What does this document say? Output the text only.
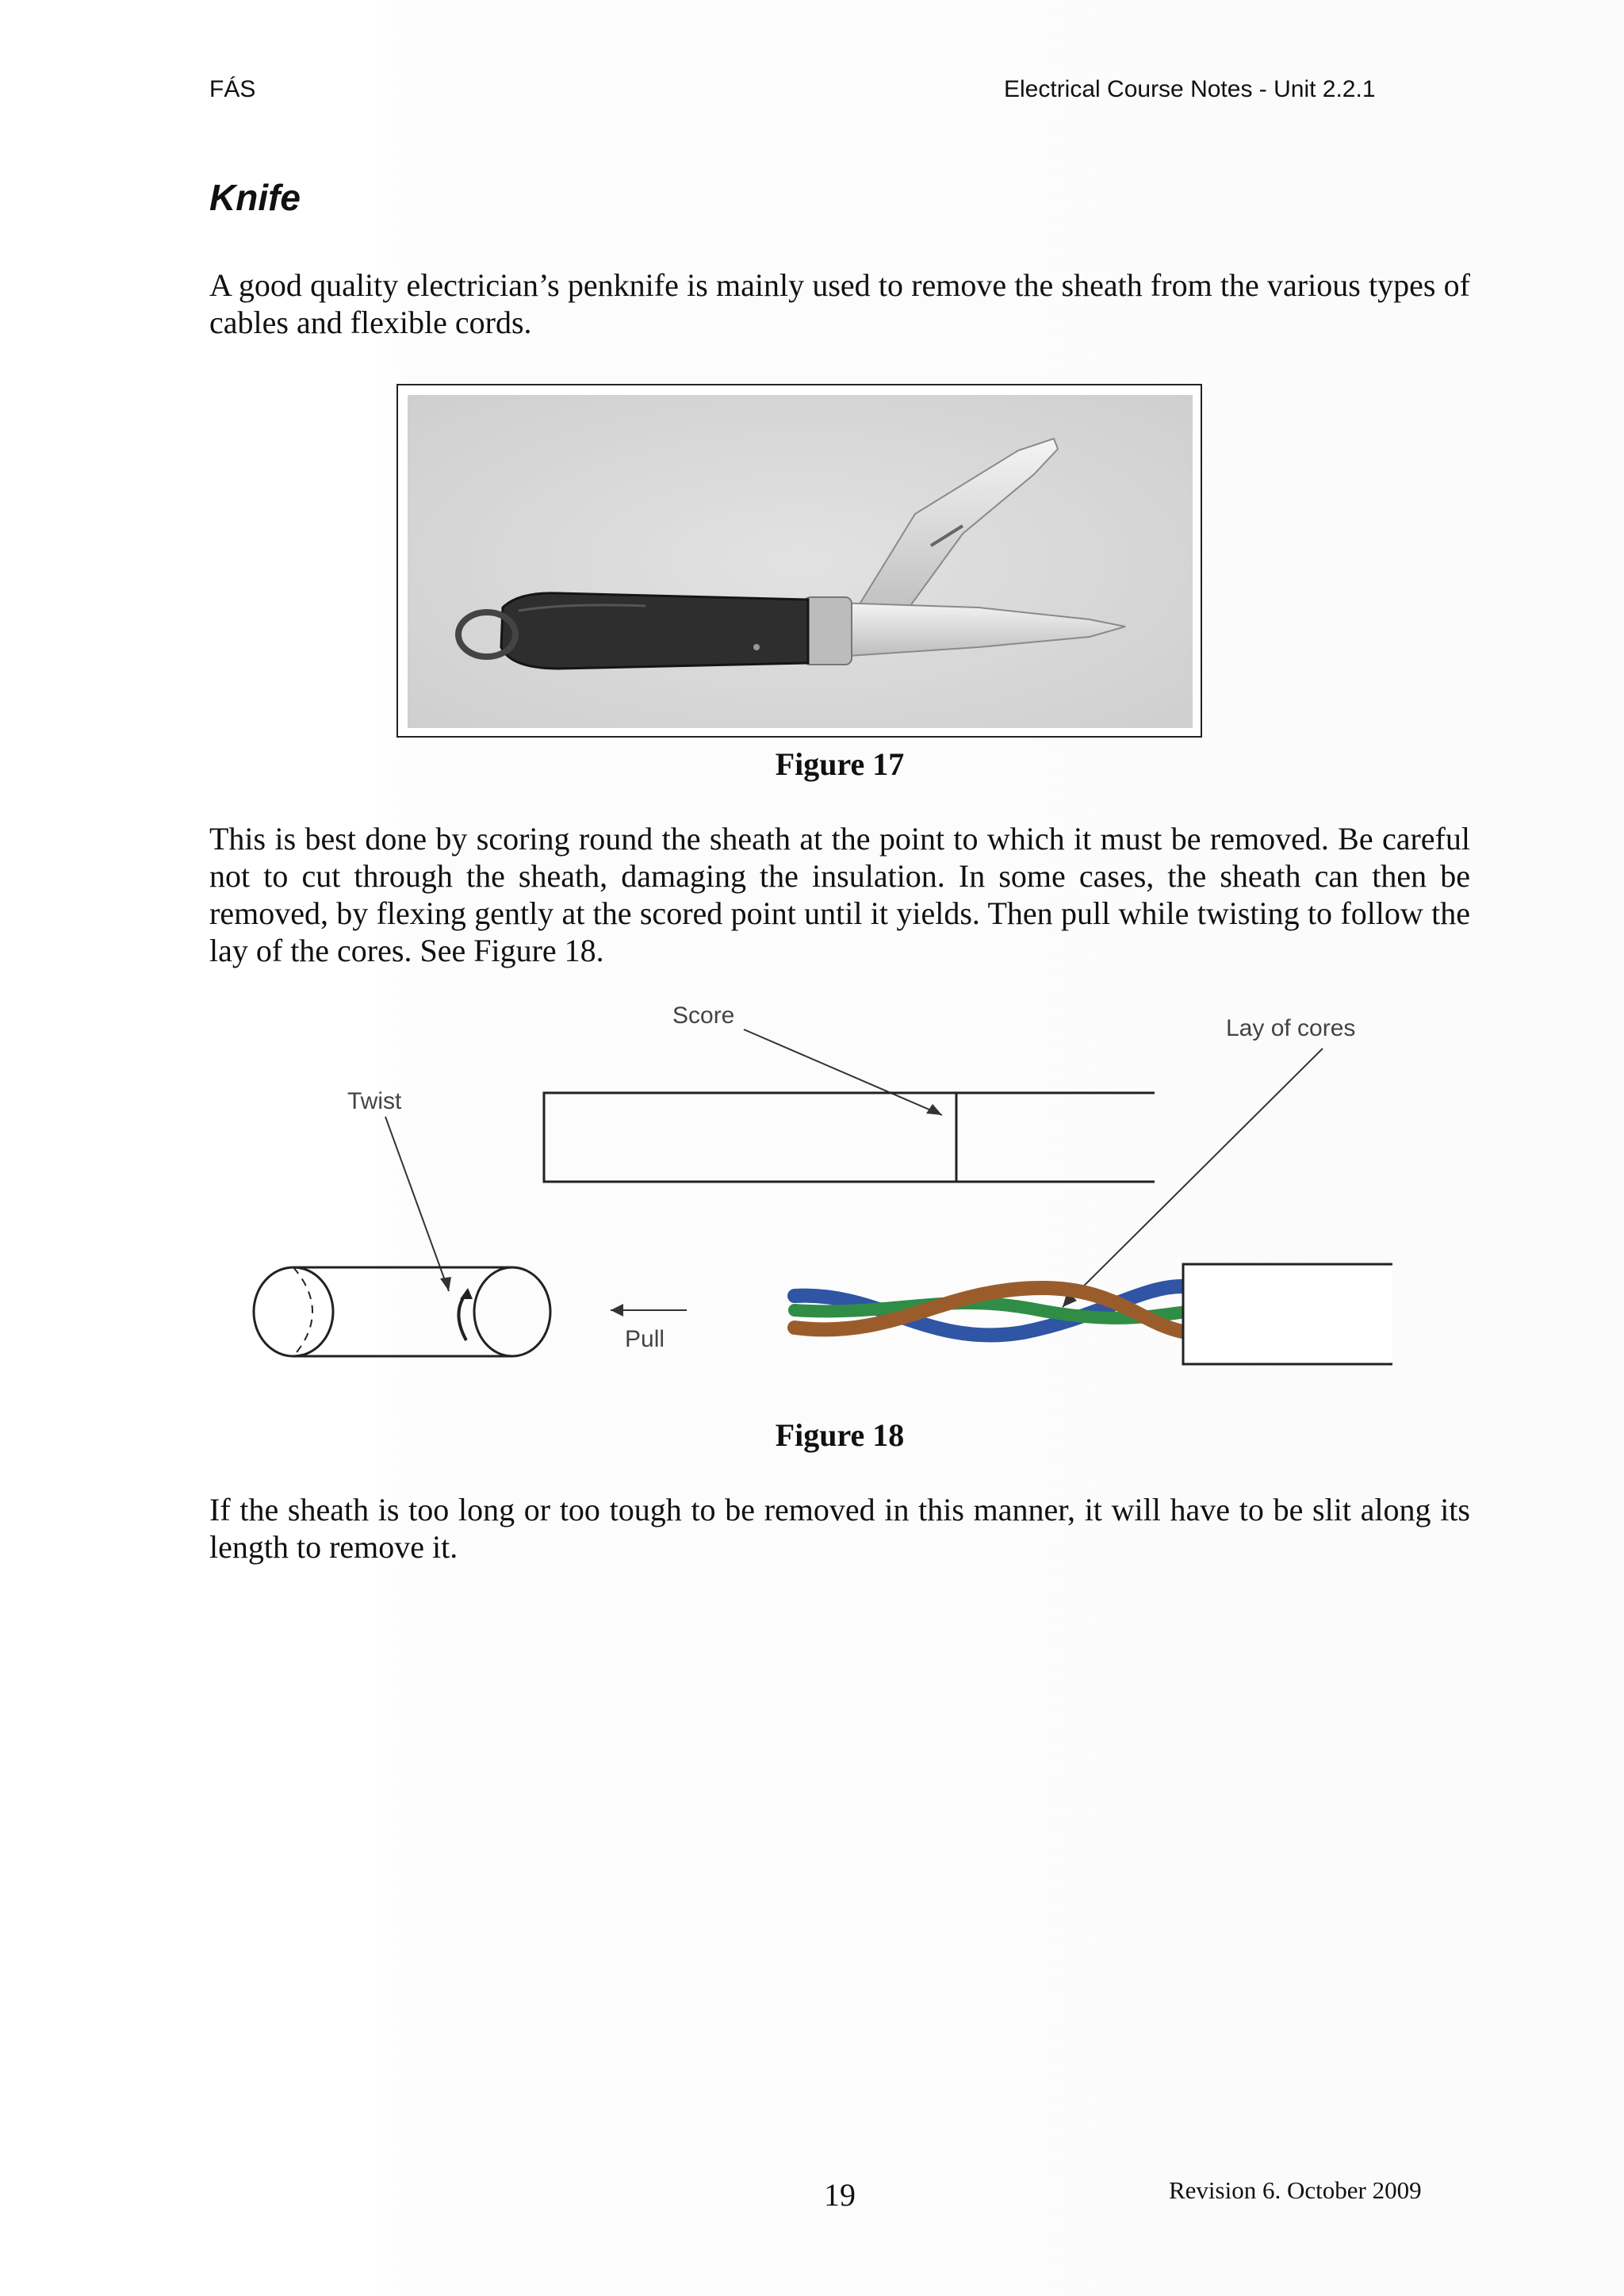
FÁS	Electrical Course Notes - Unit 2.2.1
Knife

A good quality electrician’s penknife is mainly used to remove the sheath from the various types of cables and flexible cords.

Figure 17

This is best done by scoring round the sheath at the point to which it must be removed. Be careful not to cut through the sheath, damaging the insulation. In some cases, the sheath can then be removed, by flexing gently at the scored point until it yields. Then pull while twisting to follow the lay of the cores. See Figure 18.

Score	Lay of cores
Twist
Pull

Figure 18

If the sheath is too long or too tough to be removed in this manner, it will have to be slit along its length to remove it.

19	Revision 6. October 2009
